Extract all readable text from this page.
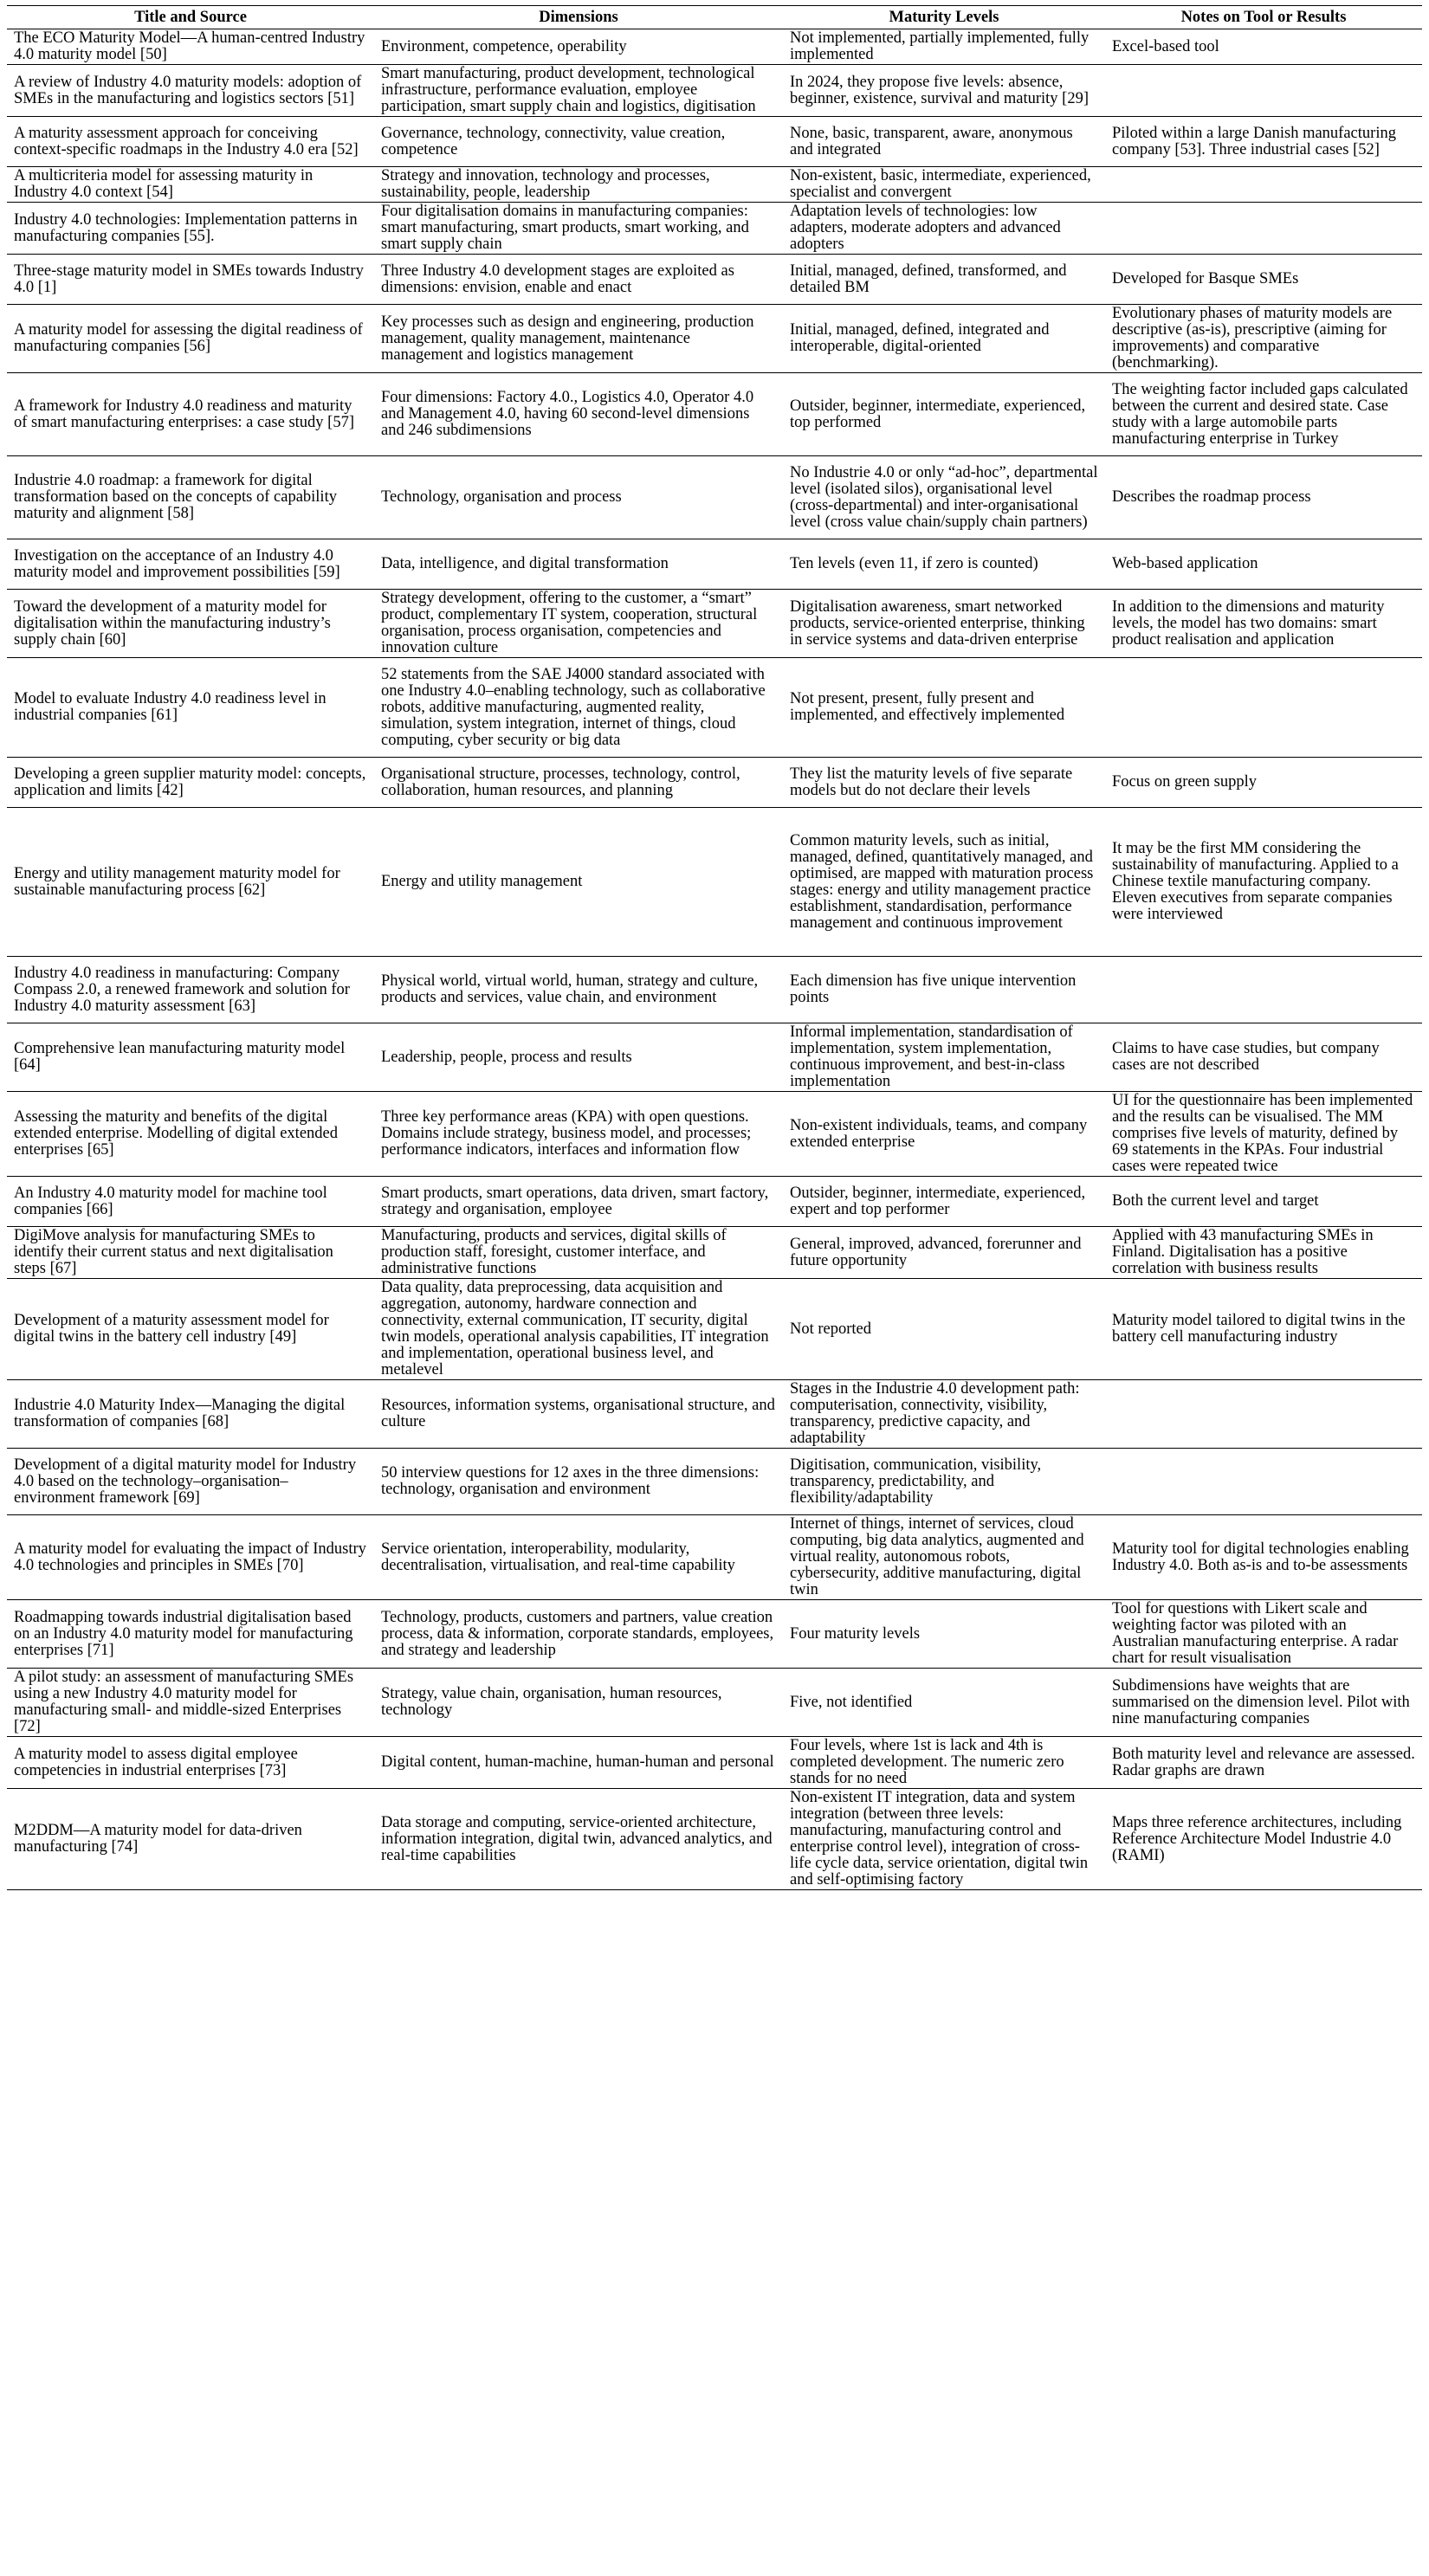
Title and Source	Dimensions	Maturity Levels	Notes on Tool or Results
The ECO Maturity Model—A human-centred Industry 4.0 maturity model [50]	Environment, competence, operability	Not implemented, partially implemented, fully implemented	Excel-based tool
A review of Industry 4.0 maturity models: adoption of SMEs in the manufacturing and logistics sectors [51]	Smart manufacturing, product development, technological infrastructure, performance evaluation, employee participation, smart supply chain and logistics, digitisation	In 2024, they propose five levels: absence, beginner, existence, survival and maturity [29]	
A maturity assessment approach for conceiving context-specific roadmaps in the Industry 4.0 era [52]	Governance, technology, connectivity, value creation, competence	None, basic, transparent, aware, anonymous and integrated	Piloted within a large Danish manufacturing company [53]. Three industrial cases [52]
A multicriteria model for assessing maturity in Industry 4.0 context [54]	Strategy and innovation, technology and processes, sustainability, people, leadership	Non-existent, basic, intermediate, experienced, specialist and convergent	
Industry 4.0 technologies: Implementation patterns in manufacturing companies [55].	Four digitalisation domains in manufacturing companies: smart manufacturing, smart products, smart working, and smart supply chain	Adaptation levels of technologies: low adapters, moderate adopters and advanced adopters	
Three-stage maturity model in SMEs towards Industry 4.0 [1]	Three Industry 4.0 development stages are exploited as dimensions: envision, enable and enact	Initial, managed, defined, transformed, and detailed BM	Developed for Basque SMEs
A maturity model for assessing the digital readiness of manufacturing companies [56]	Key processes such as design and engineering, production management, quality management, maintenance management and logistics management	Initial, managed, defined, integrated and interoperable, digital-oriented	Evolutionary phases of maturity models are descriptive (as-is), prescriptive (aiming for improvements) and comparative (benchmarking).
A framework for Industry 4.0 readiness and maturity of smart manufacturing enterprises: a case study [57]	Four dimensions: Factory 4.0., Logistics 4.0, Operator 4.0 and Management 4.0, having 60 second-level dimensions and 246 subdimensions	Outsider, beginner, intermediate, experienced, top performed	The weighting factor included gaps calculated between the current and desired state. Case study with a large automobile parts manufacturing enterprise in Turkey
Industrie 4.0 roadmap: a framework for digital transformation based on the concepts of capability maturity and alignment [58]	Technology, organisation and process	No Industrie 4.0 or only “ad-hoc”, departmental level (isolated silos), organisational level (cross-departmental) and inter-organisational level (cross value chain/supply chain partners)	Describes the roadmap process
Investigation on the acceptance of an Industry 4.0 maturity model and improvement possibilities [59]	Data, intelligence, and digital transformation	Ten levels (even 11, if zero is counted)	Web-based application
Toward the development of a maturity model for digitalisation within the manufacturing industry’s supply chain [60]	Strategy development, offering to the customer, a “smart” product, complementary IT system, cooperation, structural organisation, process organisation, competencies and innovation culture	Digitalisation awareness, smart networked products, service-oriented enterprise, thinking in service systems and data-driven enterprise	In addition to the dimensions and maturity levels, the model has two domains: smart product realisation and application
Model to evaluate Industry 4.0 readiness level in industrial companies [61]	52 statements from the SAE J4000 standard associated with one Industry 4.0–enabling technology, such as collaborative robots, additive manufacturing, augmented reality, simulation, system integration, internet of things, cloud computing, cyber security or big data	Not present, present, fully present and implemented, and effectively implemented	
Developing a green supplier maturity model: concepts, application and limits [42]	Organisational structure, processes, technology, control, collaboration, human resources, and planning	They list the maturity levels of five separate models but do not declare their levels	Focus on green supply
Energy and utility management maturity model for sustainable manufacturing process [62]	Energy and utility management	Common maturity levels, such as initial, managed, defined, quantitatively managed, and optimised, are mapped with maturation process stages: energy and utility management practice establishment, standardisation, performance management and continuous improvement	It may be the first MM considering the sustainability of manufacturing. Applied to a Chinese textile manufacturing company. Eleven executives from separate companies were interviewed
Industry 4.0 readiness in manufacturing: Company Compass 2.0, a renewed framework and solution for Industry 4.0 maturity assessment [63]	Physical world, virtual world, human, strategy and culture, products and services, value chain, and environment	Each dimension has five unique intervention points	
Comprehensive lean manufacturing maturity model [64]	Leadership, people, process and results	Informal implementation, standardisation of implementation, system implementation, continuous improvement, and best-in-class implementation	Claims to have case studies, but company cases are not described
Assessing the maturity and benefits of the digital extended enterprise. Modelling of digital extended enterprises [65]	Three key performance areas (KPA) with open questions. Domains include strategy, business model, and processes; performance indicators, interfaces and information flow	Non-existent individuals, teams, and company extended enterprise	UI for the questionnaire has been implemented and the results can be visualised. The MM comprises five levels of maturity, defined by 69 statements in the KPAs. Four industrial cases were repeated twice
An Industry 4.0 maturity model for machine tool companies [66]	Smart products, smart operations, data driven, smart factory, strategy and organisation, employee	Outsider, beginner, intermediate, experienced, expert and top performer	Both the current level and target
DigiMove analysis for manufacturing SMEs to identify their current status and next digitalisation steps [67]	Manufacturing, products and services, digital skills of production staff, foresight, customer interface, and administrative functions	General, improved, advanced, forerunner and future opportunity	Applied with 43 manufacturing SMEs in Finland. Digitalisation has a positive correlation with business results
Development of a maturity assessment model for digital twins in the battery cell industry [49]	Data quality, data preprocessing, data acquisition and aggregation, autonomy, hardware connection and connectivity, external communication, IT security, digital twin models, operational analysis capabilities, IT integration and implementation, operational business level, and metalevel	Not reported	Maturity model tailored to digital twins in the battery cell manufacturing industry
Industrie 4.0 Maturity Index—Managing the digital transformation of companies [68]	Resources, information systems, organisational structure, and culture	Stages in the Industrie 4.0 development path: computerisation, connectivity, visibility, transparency, predictive capacity, and adaptability	
Development of a digital maturity model for Industry 4.0 based on the technology–organisation–environment framework [69]	50 interview questions for 12 axes in the three dimensions: technology, organisation and environment	Digitisation, communication, visibility, transparency, predictability, and flexibility/adaptability	
A maturity model for evaluating the impact of Industry 4.0 technologies and principles in SMEs [70]	Service orientation, interoperability, modularity, decentralisation, virtualisation, and real-time capability	Internet of things, internet of services, cloud computing, big data analytics, augmented and virtual reality, autonomous robots, cybersecurity, additive manufacturing, digital twin	Maturity tool for digital technologies enabling Industry 4.0. Both as-is and to-be assessments
Roadmapping towards industrial digitalisation based on an Industry 4.0 maturity model for manufacturing enterprises [71]	Technology, products, customers and partners, value creation process, data & information, corporate standards, employees, and strategy and leadership	Four maturity levels	Tool for questions with Likert scale and weighting factor was piloted with an Australian manufacturing enterprise. A radar chart for result visualisation
A pilot study: an assessment of manufacturing SMEs using a new Industry 4.0 maturity model for manufacturing small- and middle-sized Enterprises [72]	Strategy, value chain, organisation, human resources, technology	Five, not identified	Subdimensions have weights that are summarised on the dimension level. Pilot with nine manufacturing companies
A maturity model to assess digital employee competencies in industrial enterprises [73]	Digital content, human-machine, human-human and personal	Four levels, where 1st is lack and 4th is completed development. The numeric zero stands for no need	Both maturity level and relevance are assessed. Radar graphs are drawn
M2DDM—A maturity model for data-driven manufacturing [74]	Data storage and computing, service-oriented architecture, information integration, digital twin, advanced analytics, and real-time capabilities	Non-existent IT integration, data and system integration (between three levels: manufacturing, manufacturing control and enterprise control level), integration of cross-life cycle data, service orientation, digital twin and self-optimising factory	Maps three reference architectures, including Reference Architecture Model Industrie 4.0 (RAMI)
